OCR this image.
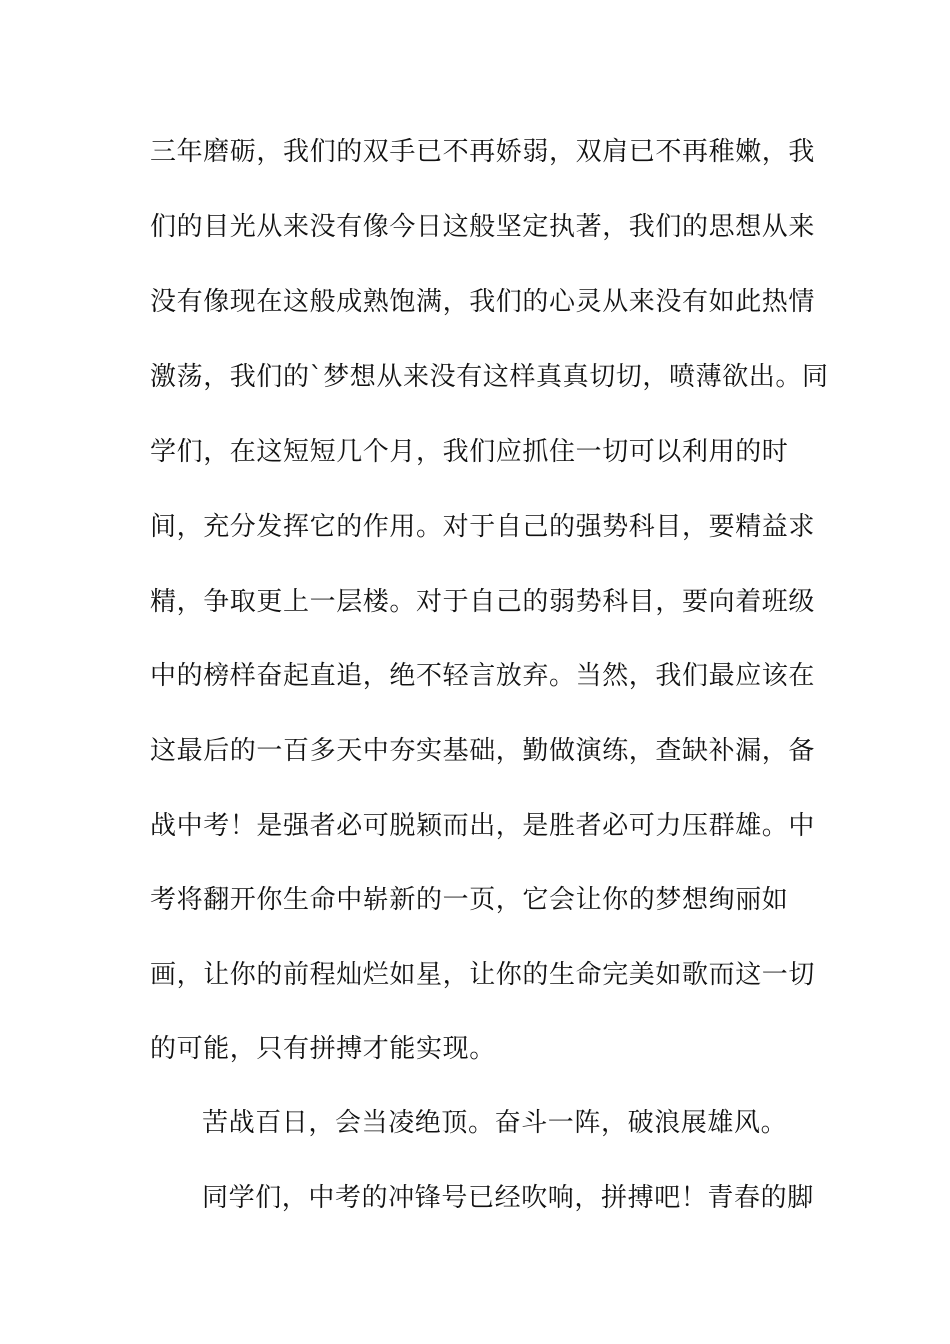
三年磨砺，我们的双手已不再娇弱，双肩已不再稚嫩，我
们的目光从来没有像今日这般坚定执著，我们的思想从来
没有像现在这般成熟饱满，我们的心灵从来没有如此热情
激荡，我们的`梦想从来没有这样真真切切，喷薄欲出。同
学们，在这短短几个月，我们应抓住一切可以利用的时
间，充分发挥它的作用。对于自己的强势科目，要精益求
精，争取更上一层楼。对于自己的弱势科目，要向着班级
中的榜样奋起直追，绝不轻言放弃。当然，我们最应该在
这最后的一百多天中夯实基础，勤做演练，查缺补漏，备
战中考！是强者必可脱颖而出，是胜者必可力压群雄。中
考将翻开你生命中崭新的一页，它会让你的梦想绚丽如
画，让你的前程灿烂如星，让你的生命完美如歌而这一切
的可能，只有拼搏才能实现。
苦战百日，会当凌绝顶。奋斗一阵，破浪展雄风。
同学们，中考的冲锋号已经吹响，拼搏吧！青春的脚
